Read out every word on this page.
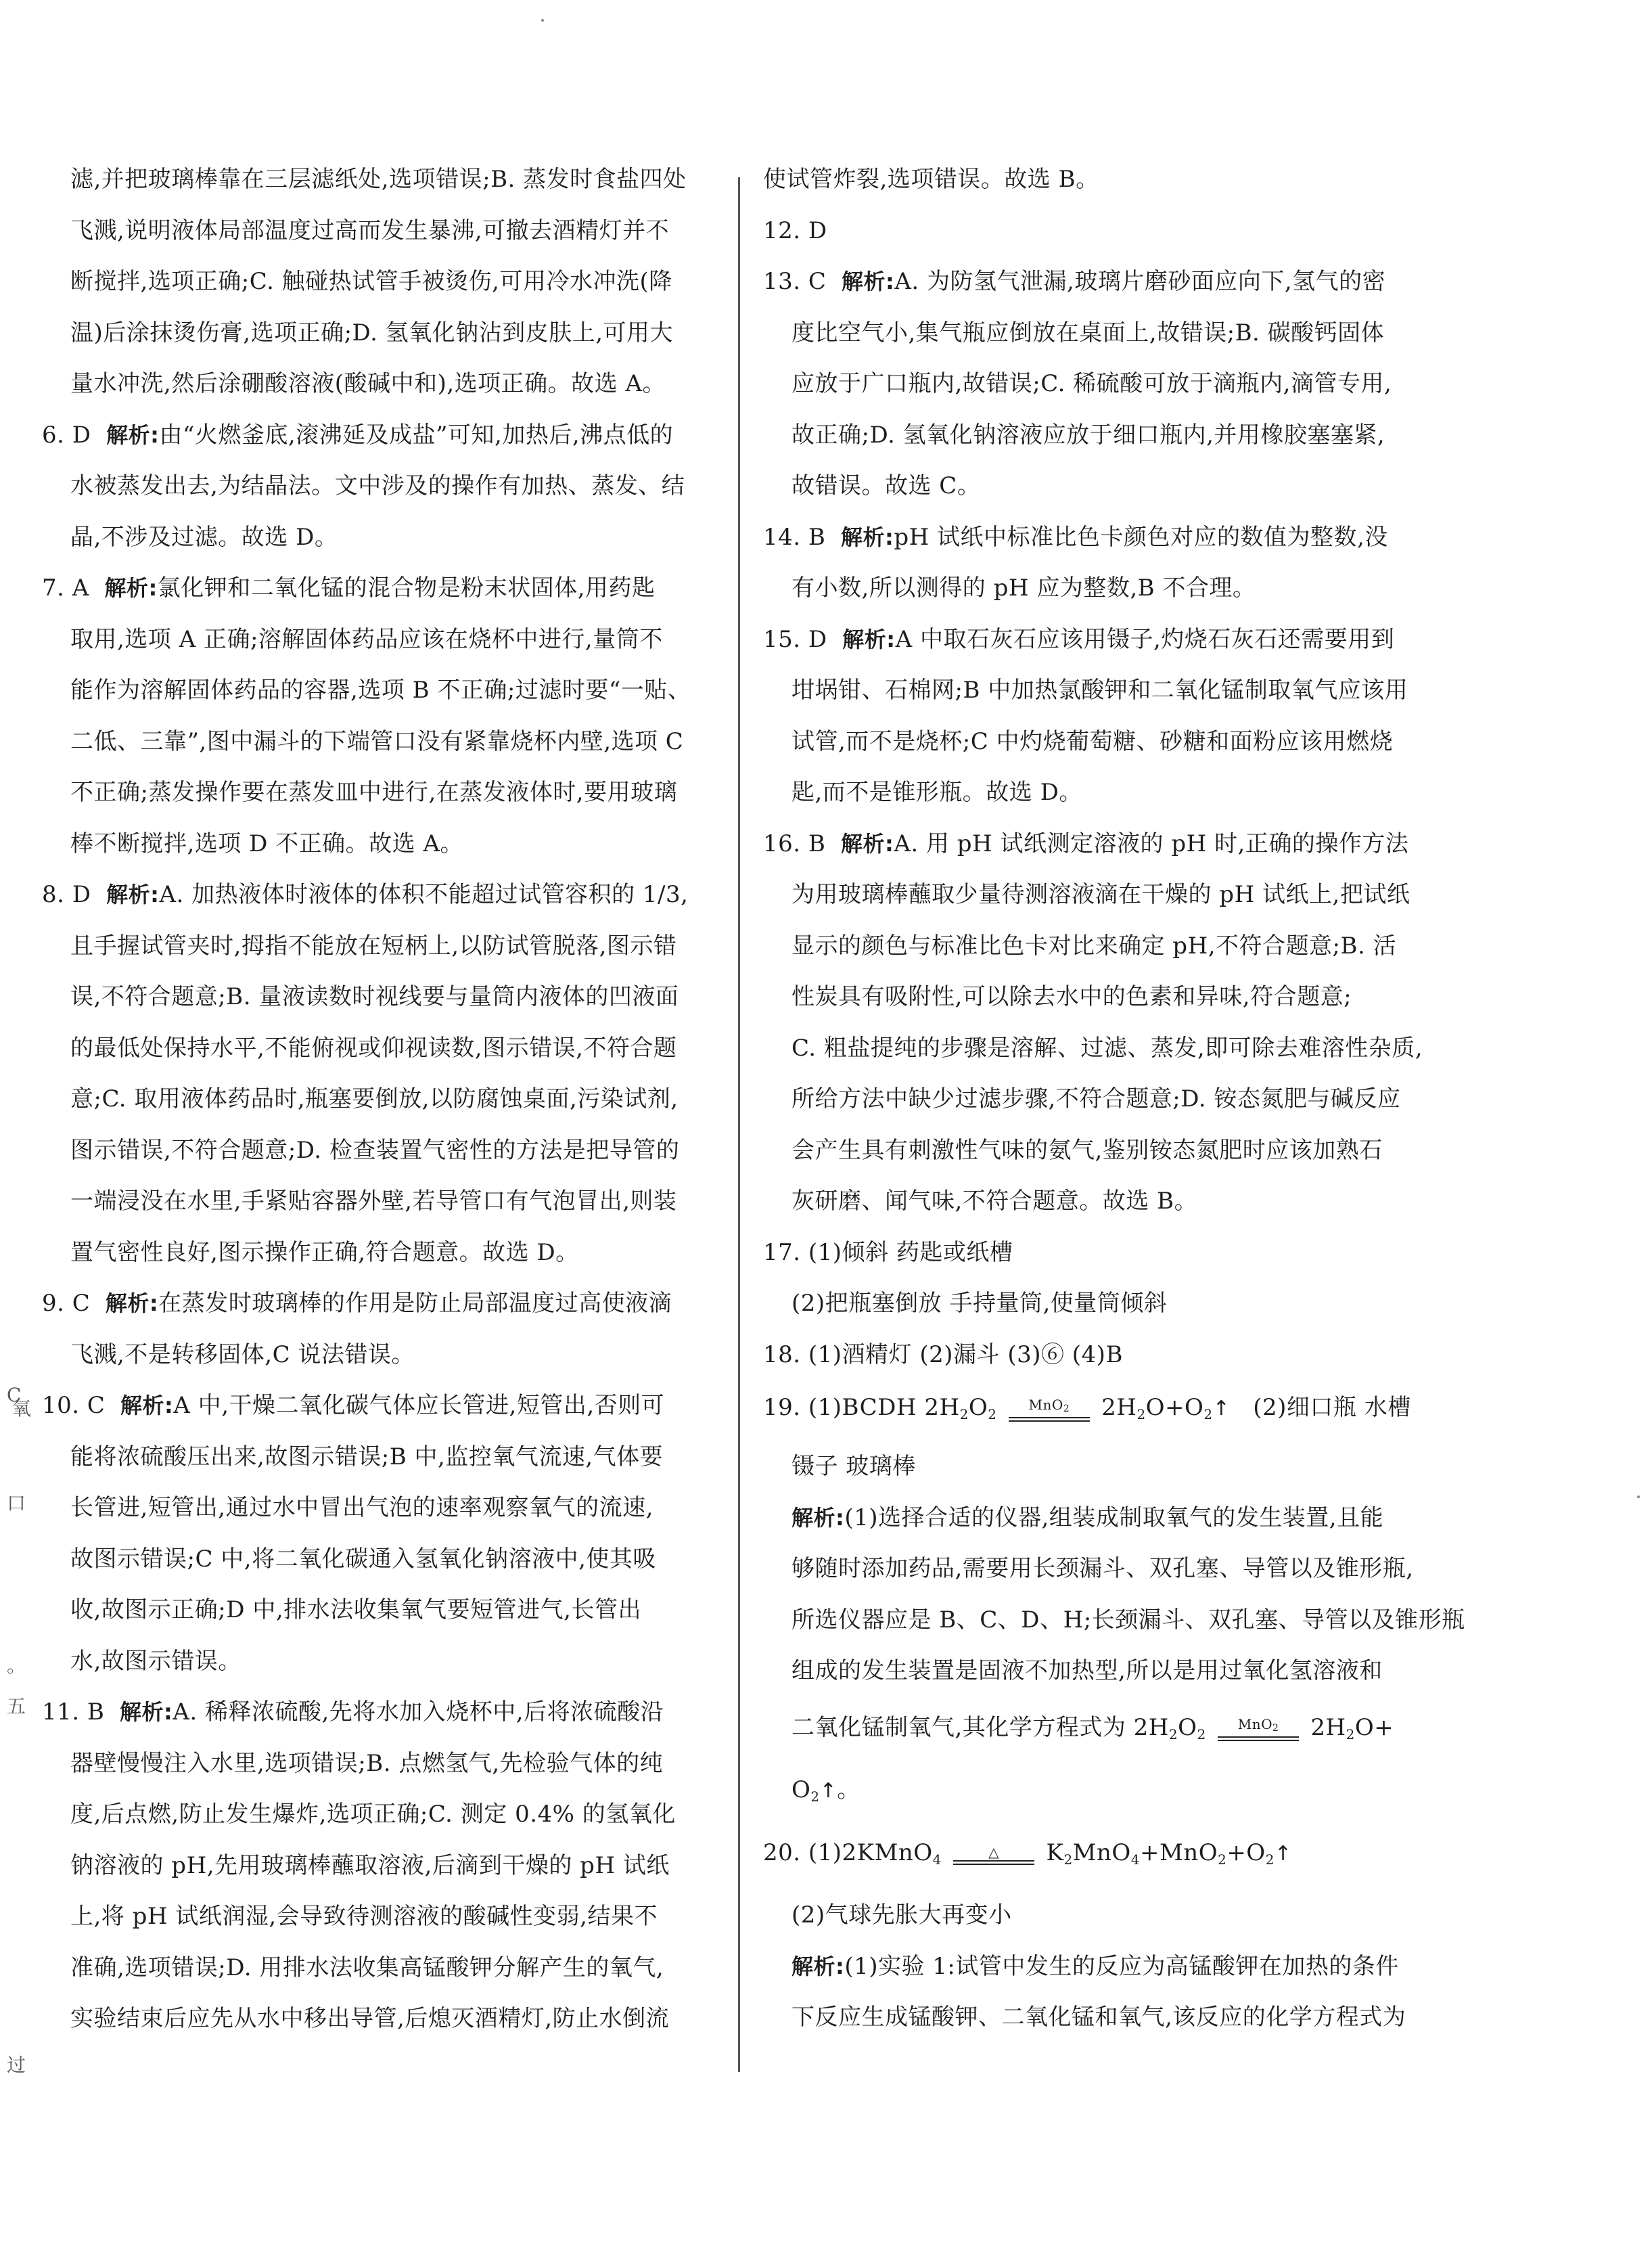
滤,并把玻璃棒靠在三层滤纸处,选项错误;B. 蒸发时食盐四处
飞溅,说明液体局部温度过高而发生暴沸,可撤去酒精灯并不
断搅拌,选项正确;C. 触碰热试管手被烫伤,可用冷水冲洗(降
温)后涂抹烫伤膏,选项正确;D. 氢氧化钠沾到皮肤上,可用大
量水冲洗,然后涂硼酸溶液(酸碱中和),选项正确。故选 A。
6. D 解析:由“火燃釜底,滚沸延及成盐”可知,加热后,沸点低的
水被蒸发出去,为结晶法。文中涉及的操作有加热、蒸发、结
晶,不涉及过滤。故选 D。
7. A 解析:氯化钾和二氧化锰的混合物是粉末状固体,用药匙
取用,选项 A 正确;溶解固体药品应该在烧杯中进行,量筒不
能作为溶解固体药品的容器,选项 B 不正确;过滤时要“一贴、
二低、三靠”,图中漏斗的下端管口没有紧靠烧杯内壁,选项 C
不正确;蒸发操作要在蒸发皿中进行,在蒸发液体时,要用玻璃
棒不断搅拌,选项 D 不正确。故选 A。
8. D 解析:A. 加热液体时液体的体积不能超过试管容积的 1/3,
且手握试管夹时,拇指不能放在短柄上,以防试管脱落,图示错
误,不符合题意;B. 量液读数时视线要与量筒内液体的凹液面
的最低处保持水平,不能俯视或仰视读数,图示错误,不符合题
意;C. 取用液体药品时,瓶塞要倒放,以防腐蚀桌面,污染试剂,
图示错误,不符合题意;D. 检查装置气密性的方法是把导管的
一端浸没在水里,手紧贴容器外壁,若导管口有气泡冒出,则装
置气密性良好,图示操作正确,符合题意。故选 D。
9. C 解析:在蒸发时玻璃棒的作用是防止局部温度过高使液滴
飞溅,不是转移固体,C 说法错误。
10. C 解析:A 中,干燥二氧化碳气体应长管进,短管出,否则可
能将浓硫酸压出来,故图示错误;B 中,监控氧气流速,气体要
长管进,短管出,通过水中冒出气泡的速率观察氧气的流速,
故图示错误;C 中,将二氧化碳通入氢氧化钠溶液中,使其吸
收,故图示正确;D 中,排水法收集氧气要短管进气,长管出
水,故图示错误。
11. B 解析:A. 稀释浓硫酸,先将水加入烧杯中,后将浓硫酸沿
器壁慢慢注入水里,选项错误;B. 点燃氢气,先检验气体的纯
度,后点燃,防止发生爆炸,选项正确;C. 测定 0.4% 的氢氧化
钠溶液的 pH,先用玻璃棒蘸取溶液,后滴到干燥的 pH 试纸
上,将 pH 试纸润湿,会导致待测溶液的酸碱性变弱,结果不
准确,选项错误;D. 用排水法收集高锰酸钾分解产生的氧气,
实验结束后应先从水中移出导管,后熄灭酒精灯,防止水倒流
使试管炸裂,选项错误。故选 B。
12. D
13. C 解析:A. 为防氢气泄漏,玻璃片磨砂面应向下,氢气的密
度比空气小,集气瓶应倒放在桌面上,故错误;B. 碳酸钙固体
应放于广口瓶内,故错误;C. 稀硫酸可放于滴瓶内,滴管专用,
故正确;D. 氢氧化钠溶液应放于细口瓶内,并用橡胶塞塞紧,
故错误。故选 C。
14. B 解析:pH 试纸中标准比色卡颜色对应的数值为整数,没
有小数,所以测得的 pH 应为整数,B 不合理。
15. D 解析:A 中取石灰石应该用镊子,灼烧石灰石还需要用到
坩埚钳、石棉网;B 中加热氯酸钾和二氧化锰制取氧气应该用
试管,而不是烧杯;C 中灼烧葡萄糖、砂糖和面粉应该用燃烧
匙,而不是锥形瓶。故选 D。
16. B 解析:A. 用 pH 试纸测定溶液的 pH 时,正确的操作方法
为用玻璃棒蘸取少量待测溶液滴在干燥的 pH 试纸上,把试纸
显示的颜色与标准比色卡对比来确定 pH,不符合题意;B. 活
性炭具有吸附性,可以除去水中的色素和异味,符合题意;
C. 粗盐提纯的步骤是溶解、过滤、蒸发,即可除去难溶性杂质,
所给方法中缺少过滤步骤,不符合题意;D. 铵态氮肥与碱反应
会产生具有刺激性气味的氨气,鉴别铵态氮肥时应该加熟石
灰研磨、闻气味,不符合题意。故选 B。
17. (1)倾斜 药匙或纸槽
(2)把瓶塞倒放 手持量筒,使量筒倾斜
18. (1)酒精灯 (2)漏斗 (3)⑥ (4)B
19. (1)BCDH $2H_2O_2$
MnO$_2$	$2H_2O+O_2↑$ (2)细口瓶 水槽
镊子 玻璃棒
解析:(1)选择合适的仪器,组装成制取氧气的发生装置,且能
够随时添加药品,需要用长颈漏斗、双孔塞、导管以及锥形瓶,
所选仪器应是 B、C、D、H;长颈漏斗、双孔塞、导管以及锥形瓶
组成的发生装置是固液不加热型,所以是用过氧化氢溶液和
二氧化锰制氧气,其化学方程式为 $2H_2O_2$
MnO$_2$	$2H_2O+$
$O_2↑$。
20. (1)2KMnO$_4$	△	$K_2MnO_4+MnO_2+O_2↑$
(2)气球先胀大再变小
解析:(1)实验 1:试管中发生的反应为高锰酸钾在加热的条件
下反应生成锰酸钾、二氧化锰和氧气,该反应的化学方程式为
C
口
。
五
氧
过
